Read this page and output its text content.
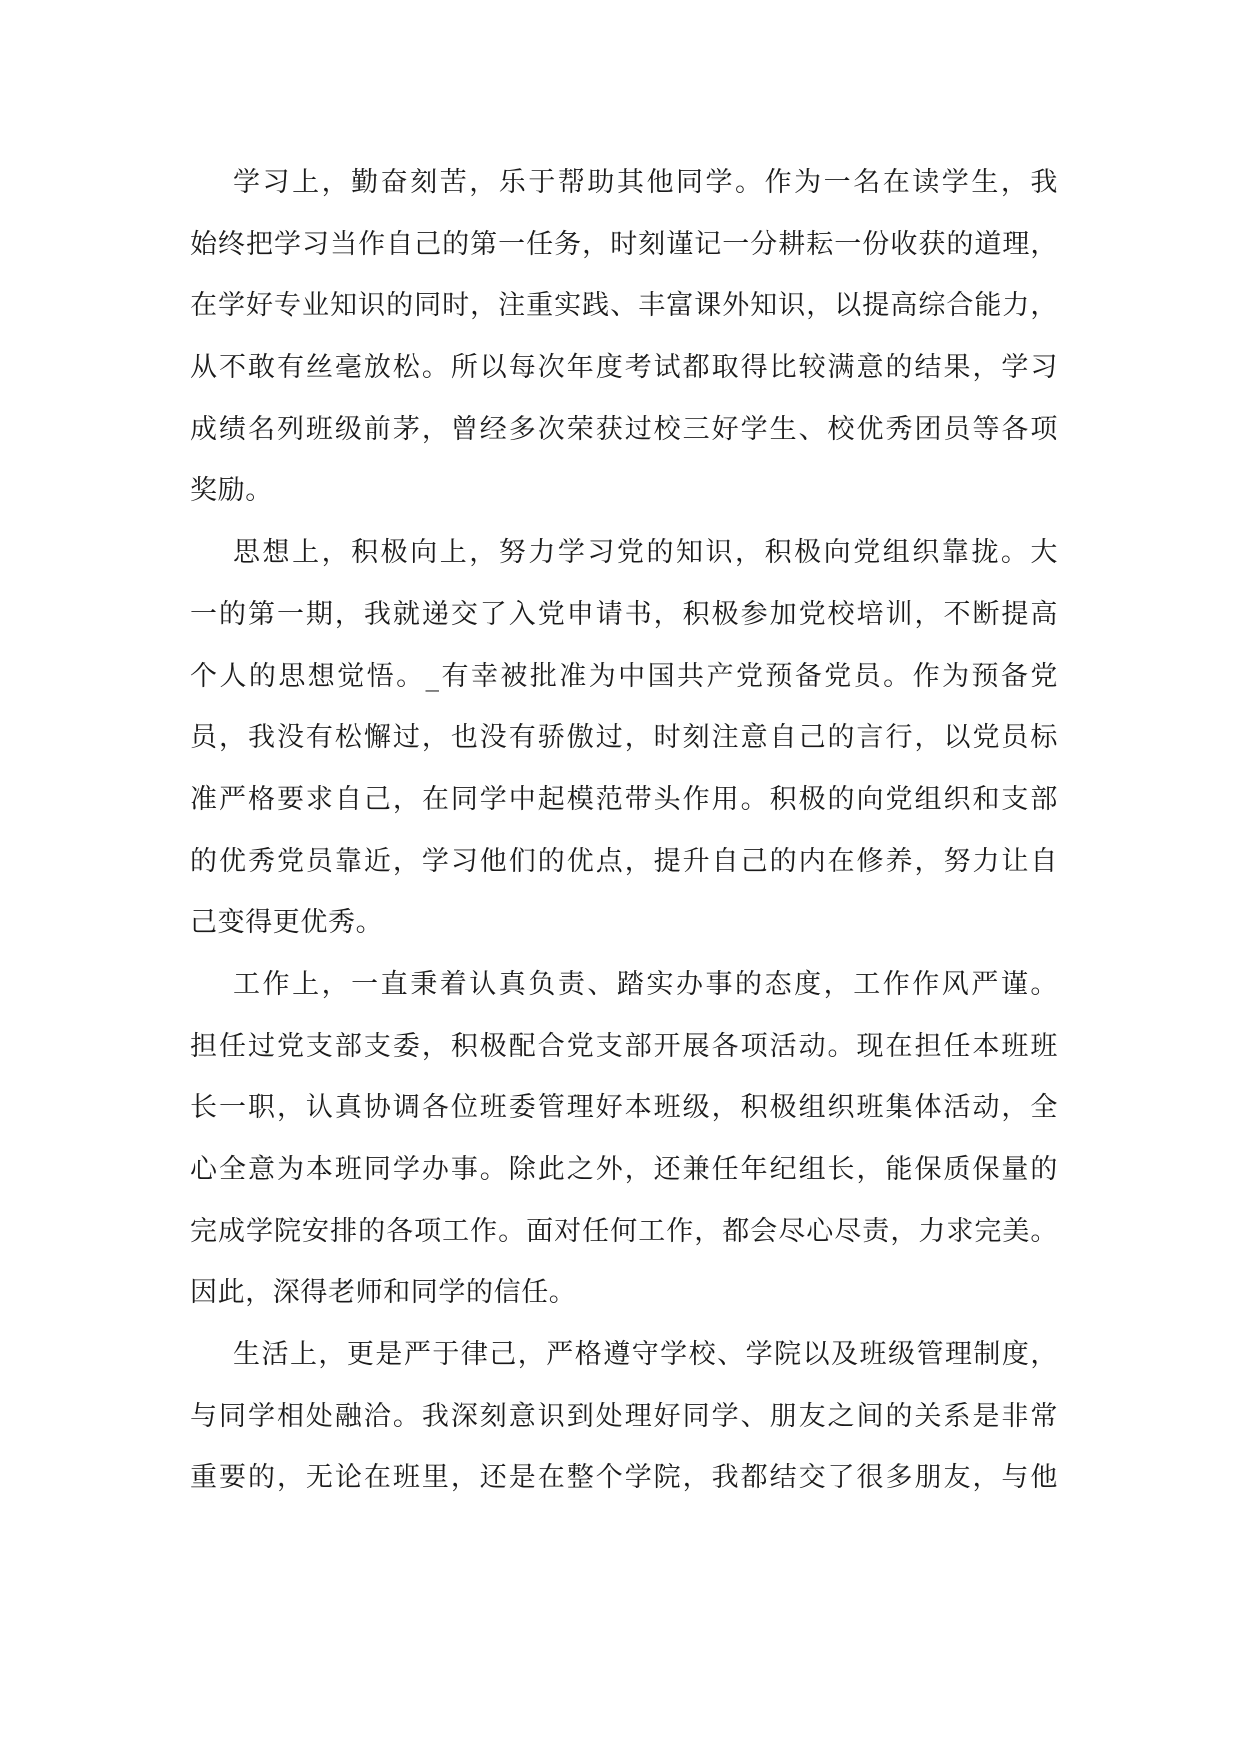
学习上，勤奋刻苦，乐于帮助其他同学。作为一名在读学生，我
始终把学习当作自己的第一任务，时刻谨记一分耕耘一份收获的道理，
在学好专业知识的同时，注重实践、丰富课外知识，以提高综合能力，
从不敢有丝毫放松。所以每次年度考试都取得比较满意的结果，学习
成绩名列班级前茅，曾经多次荣获过校三好学生、校优秀团员等各项
奖励。
思想上，积极向上，努力学习党的知识，积极向党组织靠拢。大
一的第一期，我就递交了入党申请书，积极参加党校培训，不断提高
个人的思想觉悟。_有幸被批准为中国共产党预备党员。作为预备党
员，我没有松懈过，也没有骄傲过，时刻注意自己的言行，以党员标
准严格要求自己，在同学中起模范带头作用。积极的向党组织和支部
的优秀党员靠近，学习他们的优点，提升自己的内在修养，努力让自
己变得更优秀。
工作上，一直秉着认真负责、踏实办事的态度，工作作风严谨。
担任过党支部支委，积极配合党支部开展各项活动。现在担任本班班
长一职，认真协调各位班委管理好本班级，积极组织班集体活动，全
心全意为本班同学办事。除此之外，还兼任年纪组长，能保质保量的
完成学院安排的各项工作。面对任何工作，都会尽心尽责，力求完美。
因此，深得老师和同学的信任。
生活上，更是严于律己，严格遵守学校、学院以及班级管理制度，
与同学相处融洽。我深刻意识到处理好同学、朋友之间的关系是非常
重要的，无论在班里，还是在整个学院，我都结交了很多朋友，与他
